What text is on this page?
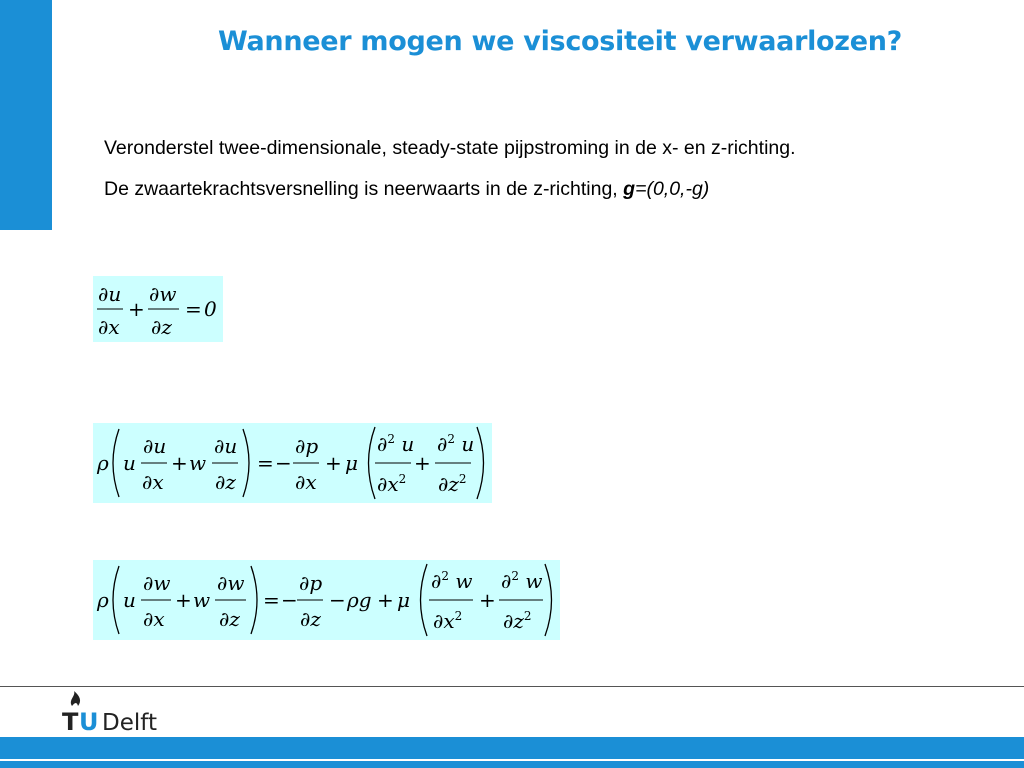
Wanneer mogen we viscositeit verwaarlozen?
Veronderstel twee-dimensionale, steady-state pijpstroming in de x- en z-richting.
De zwaartekrachtsversnelling is neerwaarts in de z-richting, g=(0,0,-g)
∂u
∂x
+
∂w
∂z
= 0
ρ u
∂u
∂x
+ w
∂u
∂z
= −
∂p
∂x
+ μ
∂$^2$ u
$\partial x^2$
+
∂$^2$ u
$\partial z^2$
ρ u
∂w
∂x
+ w
∂w
∂z
= −
∂p
∂z
− ρg + μ
∂$^2$ w
$\partial x^2$
+
∂$^2$ w
$\partial z^2$
T U Delft
